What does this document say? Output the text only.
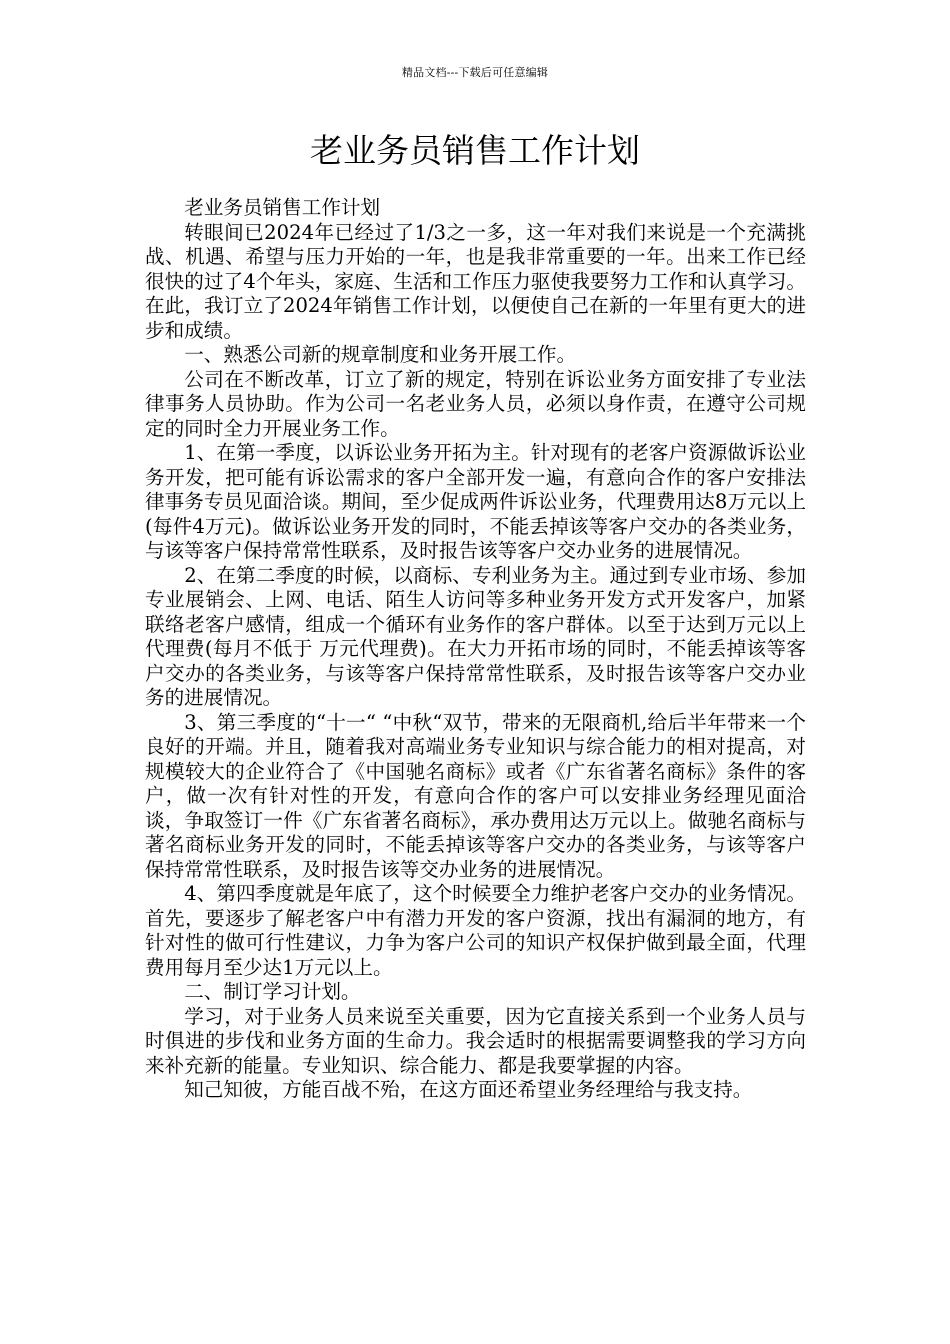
精品文档---下载后可任意编辑
老业务员销售工作计划

老业务员销售工作计划

转眼间已2024年已经过了1/3之一多，这一年对我们来说是一个充满挑战、机遇、希望与压力开始的一年，也是我非常重要的一年。出来工作已经很快的过了4个年头，家庭、生活和工作压力驱使我要努力工作和认真学习。在此，我订立了2024年销售工作计划，以便使自己在新的一年里有更大的进步和成绩。

一、熟悉公司新的规章制度和业务开展工作。

公司在不断改革，订立了新的规定，特别在诉讼业务方面安排了专业法律事务人员协助。作为公司一名老业务人员，必须以身作责，在遵守公司规定的同时全力开展业务工作。

1、在第一季度，以诉讼业务开拓为主。针对现有的老客户资源做诉讼业务开发，把可能有诉讼需求的客户全部开发一遍，有意向合作的客户安排法律事务专员见面洽谈。期间，至少促成两件诉讼业务，代理费用达8万元以上(每件4万元)。做诉讼业务开发的同时，不能丢掉该等客户交办的各类业务，与该等客户保持常常性联系，及时报告该等客户交办业务的进展情况。

2、在第二季度的时候，以商标、专利业务为主。通过到专业市场、参加专业展销会、上网、电话、陌生人访问等多种业务开发方式开发客户，加紧联络老客户感情，组成一个循环有业务作的客户群体。以至于达到万元以上代理费(每月不低于 万元代理费)。在大力开拓市场的同时，不能丢掉该等客户交办的各类业务，与该等客户保持常常性联系，及时报告该等客户交办业务的进展情况。

3、第三季度的“十一“ “中秋“双节，带来的无限商机,给后半年带来一个良好的开端。并且，随着我对高端业务专业知识与综合能力的相对提高，对规模较大的企业符合了《中国驰名商标》或者《广东省著名商标》条件的客户，做一次有针对性的开发，有意向合作的客户可以安排业务经理见面洽谈，争取签订一件《广东省著名商标》，承办费用达万元以上。做驰名商标与著名商标业务开发的同时，不能丢掉该等客户交办的各类业务，与该等客户保持常常性联系，及时报告该等交办业务的进展情况。

4、第四季度就是年底了，这个时候要全力维护老客户交办的业务情况。首先，要逐步了解老客户中有潜力开发的客户资源，找出有漏洞的地方，有针对性的做可行性建议，力争为客户公司的知识产权保护做到最全面，代理费用每月至少达1万元以上。

二、制订学习计划。

学习，对于业务人员来说至关重要，因为它直接关系到一个业务人员与时俱进的步伐和业务方面的生命力。我会适时的根据需要调整我的学习方向来补充新的能量。专业知识、综合能力、都是我要掌握的内容。

知己知彼，方能百战不殆，在这方面还希望业务经理给与我支持。
